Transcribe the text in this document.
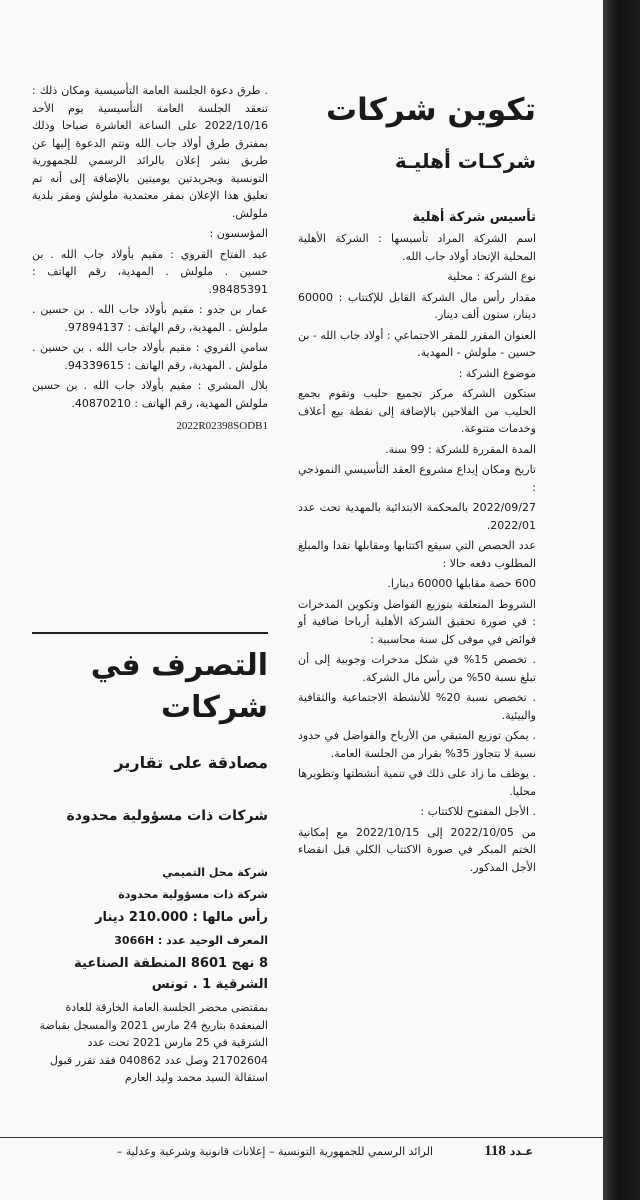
تكوين شركات
شركـات أهليـة
تأسيس شركة أهلية
اسم الشركة المراد تأسيسها : الشركة الأهلية المحلية الإتحاد أولاد جاب الله.
نوع الشركة : محلية
مقدار رأس مال الشركة القابل للإكتتاب : 60000 دينار، ستون ألف دينار.
العنوان المقرر للمقر الاجتماعي : أولاد جاب الله - بن حسين - ملولش - المهدية.
موضوع الشركة :
ستكون الشركة مركز تجميع حليب وتقوم بجمع الحليب من الفلاحين بالإضافة إلى نقطة بيع أعلاف وخدمات متنوعة.
المدة المقررة للشركة : 99 سنة.
تاريخ ومكان إيداع مشروع العقد التأسيسي النموذجي :
2022/09/27 بالمحكمة الابتدائية بالمهدية تحت عدد 2022/01.
عدد الحصص التي سيقع اكتتابها ومقابلها نقدا والمبلغ المطلوب دفعه حالا :
600 حصة مقابلها 60000 دينارا.
الشروط المتعلقة بتوزيع الفواضل وتكوين المدخرات : في صورة تحقيق الشركة الأهلية أرباحا صافية أو فوائض في موفى كل سنة محاسبية :
. تخصص 15% في شكل مدخرات وجوبية إلى أن تبلغ نسبة 50% من رأس مال الشركة.
. تخصص نسبة 20% للأنشطة الاجتماعية والثقافية والبيئية.
. يمكن توزيع المتبقي من الأرباح والفواضل في حدود نسبة لا تتجاوز 35% بقرار من الجلسة العامة.
. يوظف ما زاد على ذلك في تنمية أنشطتها وتطويرها محليا.
. الأجل المفتوح للاكتتاب :
من 2022/10/05 إلى 2022/10/15 مع إمكانية الختم المبكر في صورة الاكتتاب الكلي قبل انقضاء الأجل المذكور.
. طرق دعوة الجلسة العامة التأسيسية ومكان ذلك : تنعقد الجلسة العامة التأسيسية يوم الأحد 2022/10/16 على الساعة العاشرة صباحا وذلك بمفترق طرق أولاد جاب الله وتتم الدعوة إليها عن طريق نشر إعلان بالرائد الرسمي للجمهورية التونسية وبجريدتين يوميتين بالإضافة إلى أنه تم تعليق هذا الإعلان بمقر معتمدية ملولش ومقر بلدية ملولش.
المؤسسون :
عبد الفتاح القروي : مقيم بأولاد جاب الله . بن حسين . ملولش . المهدية، رقم الهاتف : 98485391.
عمار بن جدو : مقيم بأولاد جاب الله . بن حسين . ملولش . المهدية، رقم الهاتف : 97894137.
سامي القروي : مقيم بأولاد جاب الله . بن حسين . ملولش . المهدية، رقم الهاتف : 94339615.
بلال المشري : مقيم بأولاد جاب الله . بن حسين ملولش المهدية، رقم الهاتف : 40870210.
2022R02398SODB1
التصرف في شركات
مصادقة على تقارير
شركات ذات مسؤولية محدودة
شركة محل التميمي
شركة ذات مسؤولية محدودة
رأس مالها : 210.000 دينار
المعرف الوحيد عدد : 3066H
8 نهج 8601 المنطقة الصناعية الشرقية 1 . تونس
بمقتضى محضر الجلسة العامة الخارقة للعادة المنعقدة بتاريخ 24 مارس 2021 والمسجل بقباضة الشرقية في 25 مارس 2021 تحت عدد 21702604 وصل عدد 040862 فقد تقرر قبول استقالة السيد محمد وليد العارم
عـدد 118
الرائد الرسمي للجمهورية التونسية – إعلانات قانونية وشرعية وعدلية –
